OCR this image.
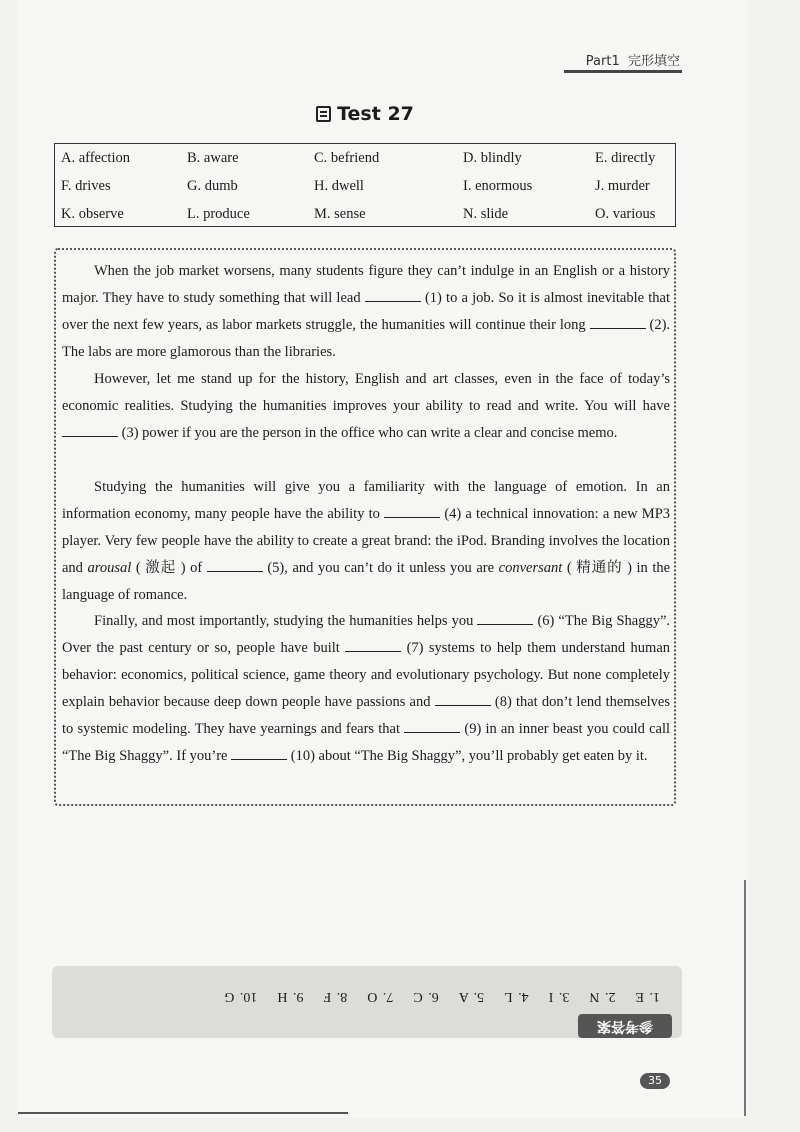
Part1 完形填空
Test 27
A. affection	B. aware	C. befriend	D. blindly	E. directly
F. drives	G. dumb	H. dwell	I. enormous	J. murder
K. observe	L. produce	M. sense	N. slide	O. various

When the job market worsens, many students figure they can’t indulge in an English or a history major. They have to study something that will lead	(1) to a job. So it is almost inevitable that over the next few years, as labor markets struggle, the humanities will continue their long	(2). The labs are more glamorous than the libraries.

However, let me stand up for the history, English and art classes, even in the face of today’s economic realities. Studying the humanities improves your ability to read and write. You will have  (3) power if you are the person in the office who can write a clear and concise memo.

Studying the humanities will give you a familiarity with the language of emotion. In an information economy, many people have the ability to	(4) a technical innovation: a new MP3 player. Very few people have the ability to create a great brand: the iPod. Branding involves the location and arousal ( 激起 ) of	(5), and you can’t do it unless you are conversant ( 精通的 ) in the language of romance.

Finally, and most importantly, studying the humanities helps you	(6) “The Big Shaggy”. Over the past century or so, people have built	(7) systems to help them understand human behavior: economics, political science, game theory and evolutionary psychology. But none completely explain behavior because deep down people have passions and	(8) that don’t lend themselves to systemic modeling. They have yearnings and fears that	(9) in an inner beast you could call “The Big Shaggy”. If you’re	(10) about “The Big Shaggy”, you’ll probably get eaten by it.

1. E2. N3. I4. L5. A6. C7. O8. F9. H10. G
参考答案
35
